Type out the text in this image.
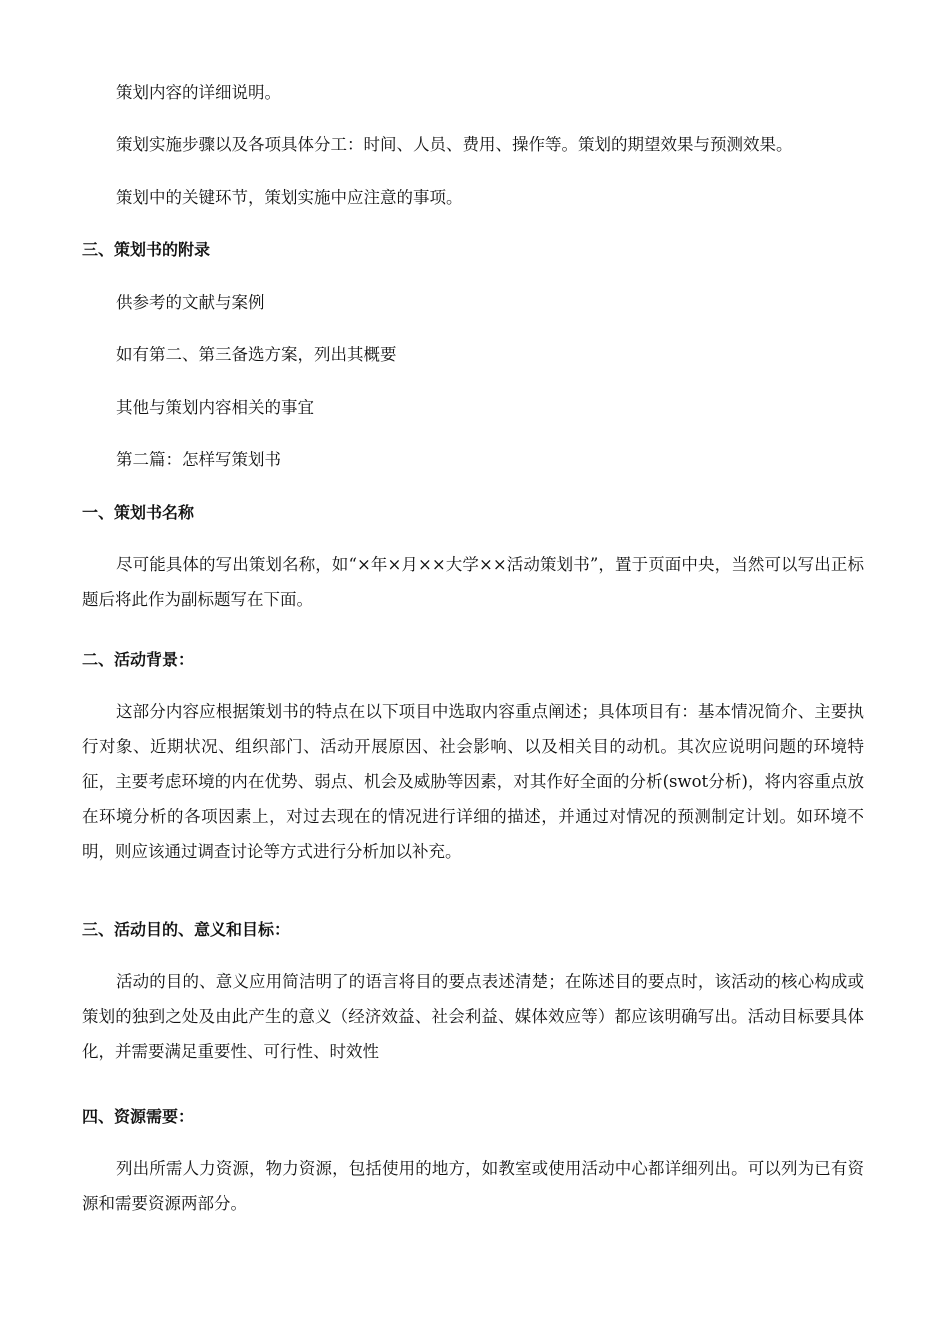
策划内容的详细说明。

策划实施步骤以及各项具体分工：时间、人员、费用、操作等。策划的期望效果与预测效果。

策划中的关键环节，策划实施中应注意的事项。

三、策划书的附录

供参考的文献与案例

如有第二、第三备选方案，列出其概要

其他与策划内容相关的事宜

第二篇：怎样写策划书

一、策划书名称

尽可能具体的写出策划名称，如“×年×月××大学××活动策划书”，置于页面中央，当然可以写出正标题后将此作为副标题写在下面。

二、活动背景：

这部分内容应根据策划书的特点在以下项目中选取内容重点阐述；具体项目有：基本情况简介、主要执行对象、近期状况、组织部门、活动开展原因、社会影响、以及相关目的动机。其次应说明问题的环境特征，主要考虑环境的内在优势、弱点、机会及威胁等因素，对其作好全面的分析(swot分析)，将内容重点放在环境分析的各项因素上，对过去现在的情况进行详细的描述，并通过对情况的预测制定计划。如环境不明，则应该通过调查讨论等方式进行分析加以补充。

三、活动目的、意义和目标：

活动的目的、意义应用简洁明了的语言将目的要点表述清楚；在陈述目的要点时，该活动的核心构成或策划的独到之处及由此产生的意义（经济效益、社会利益、媒体效应等）都应该明确写出。活动目标要具体化，并需要满足重要性、可行性、时效性

四、资源需要：

列出所需人力资源，物力资源，包括使用的地方，如教室或使用活动中心都详细列出。可以列为已有资源和需要资源两部分。
